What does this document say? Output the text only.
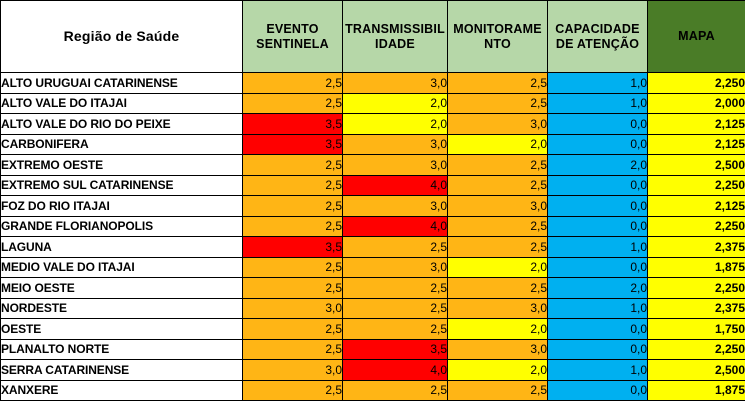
Região de Saúde	EVENTO SENTINELA	TRANSMISSIBIL IDADE	MONITORAME NTO	CAPACIDADE DE ATENÇÃO	MAPA
ALTO URUGUAI CATARINENSE	2,5	3,0	2,5	1,0	2,250
ALTO VALE DO ITAJAI	2,5	2,0	2,5	1,0	2,000
ALTO VALE DO RIO DO PEIXE	3,5	2,0	3,0	0,0	2,125
CARBONIFERA	3,5	3,0	2,0	0,0	2,125
EXTREMO OESTE	2,5	3,0	2,5	2,0	2,500
EXTREMO SUL CATARINENSE	2,5	4,0	2,5	0,0	2,250
FOZ DO RIO ITAJAI	2,5	3,0	3,0	0,0	2,125
GRANDE FLORIANOPOLIS	2,5	4,0	2,5	0,0	2,250
LAGUNA	3,5	2,5	2,5	1,0	2,375
MEDIO VALE DO ITAJAI	2,5	3,0	2,0	0,0	1,875
MEIO OESTE	2,5	2,5	2,5	2,0	2,250
NORDESTE	3,0	2,5	3,0	1,0	2,375
OESTE	2,5	2,5	2,0	0,0	1,750
PLANALTO NORTE	2,5	3,5	3,0	0,0	2,250
SERRA CATARINENSE	3,0	4,0	2,0	1,0	2,500
XANXERE	2,5	2,5	2,5	0,0	1,875
